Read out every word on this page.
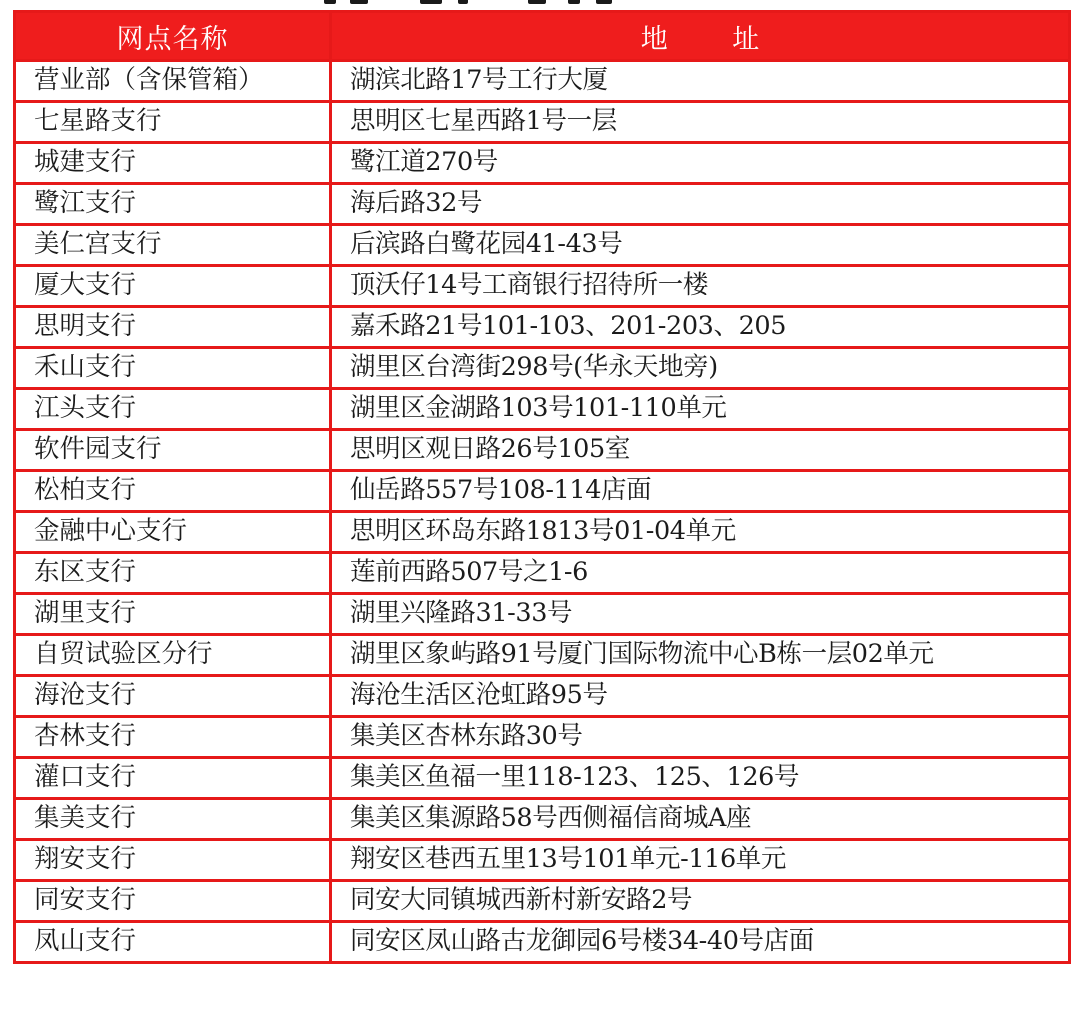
网点名称	地 址
营业部（含保管箱）	湖滨北路17号工行大厦
七星路支行	思明区七星西路1号一层
城建支行	鹭江道270号
鹭江支行	海后路32号
美仁宫支行	后滨路白鹭花园41-43号
厦大支行	顶沃仔14号工商银行招待所一楼
思明支行	嘉禾路21号101-103、201-203、205
禾山支行	湖里区台湾街298号(华永天地旁)
江头支行	湖里区金湖路103号101-110单元
软件园支行	思明区观日路26号105室
松柏支行	仙岳路557号108-114店面
金融中心支行	思明区环岛东路1813号01-04单元
东区支行	莲前西路507号之1-6
湖里支行	湖里兴隆路31-33号
自贸试验区分行	湖里区象屿路91号厦门国际物流中心B栋一层02单元
海沧支行	海沧生活区沧虹路95号
杏林支行	集美区杏林东路30号
灌口支行	集美区鱼福一里118-123、125、126号
集美支行	集美区集源路58号西侧福信商城A座
翔安支行	翔安区巷西五里13号101单元-116单元
同安支行	同安大同镇城西新村新安路2号
凤山支行	同安区凤山路古龙御园6号楼34-40号店面
